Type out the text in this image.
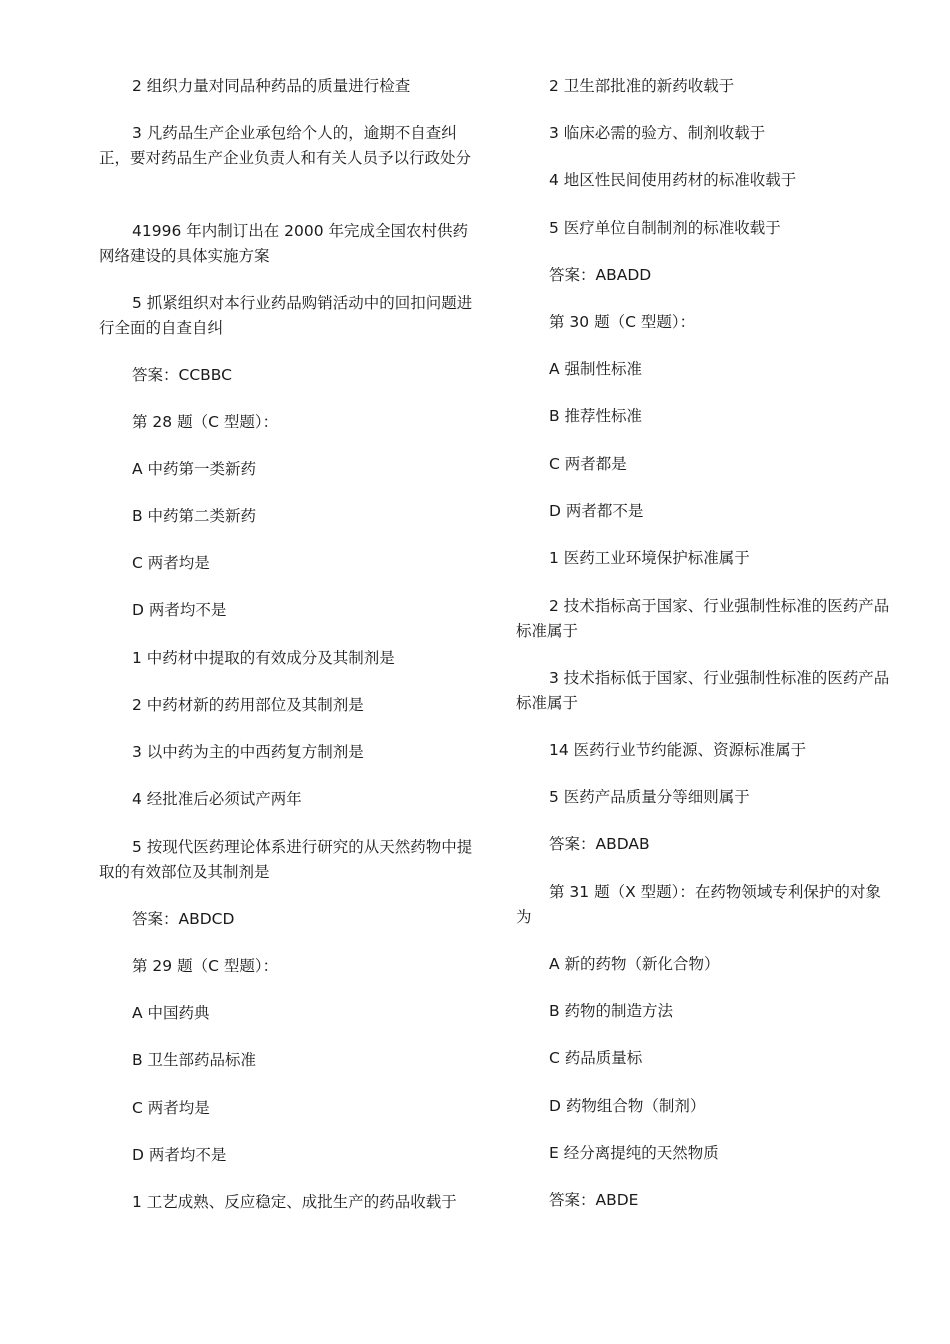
2 组织力量对同品种药品的质量进行检查

3 凡药品生产企业承包给个人的，逾期不自查纠正，要对药品生产企业负责人和有关人员予以行政处分

41996 年内制订出在 2000 年完成全国农村供药网络建设的具体实施方案

5 抓紧组织对本行业药品购销活动中的回扣问题进行全面的自查自纠

答案：CCBBC

第 28 题（C 型题）：

A 中药第一类新药

B 中药第二类新药

C 两者均是

D 两者均不是

1 中药材中提取的有效成分及其制剂是

2 中药材新的药用部位及其制剂是

3 以中药为主的中西药复方制剂是

4 经批准后必须试产两年

5 按现代医药理论体系进行研究的从天然药物中提取的有效部位及其制剂是

答案：ABDCD

第 29 题（C 型题）：

A 中国药典

B 卫生部药品标准

C 两者均是

D 两者均不是

1 工艺成熟、反应稳定、成批生产的药品收载于

2 卫生部批准的新药收载于

3 临床必需的验方、制剂收载于

4 地区性民间使用药材的标准收载于

5 医疗单位自制制剂的标准收载于

答案：ABADD

第 30 题（C 型题）：

A 强制性标准

B 推荐性标准

C 两者都是

D 两者都不是

1 医药工业环境保护标准属于

2 技术指标高于国家、行业强制性标准的医药产品标准属于

3 技术指标低于国家、行业强制性标准的医药产品标准属于

14 医药行业节约能源、资源标准属于

5 医药产品质量分等细则属于

答案：ABDAB

第 31 题（X 型题）：在药物领域专利保护的对象为

A 新的药物（新化合物）

B 药物的制造方法

C 药品质量标

D 药物组合物（制剂）

E 经分离提纯的天然物质

答案：ABDE
